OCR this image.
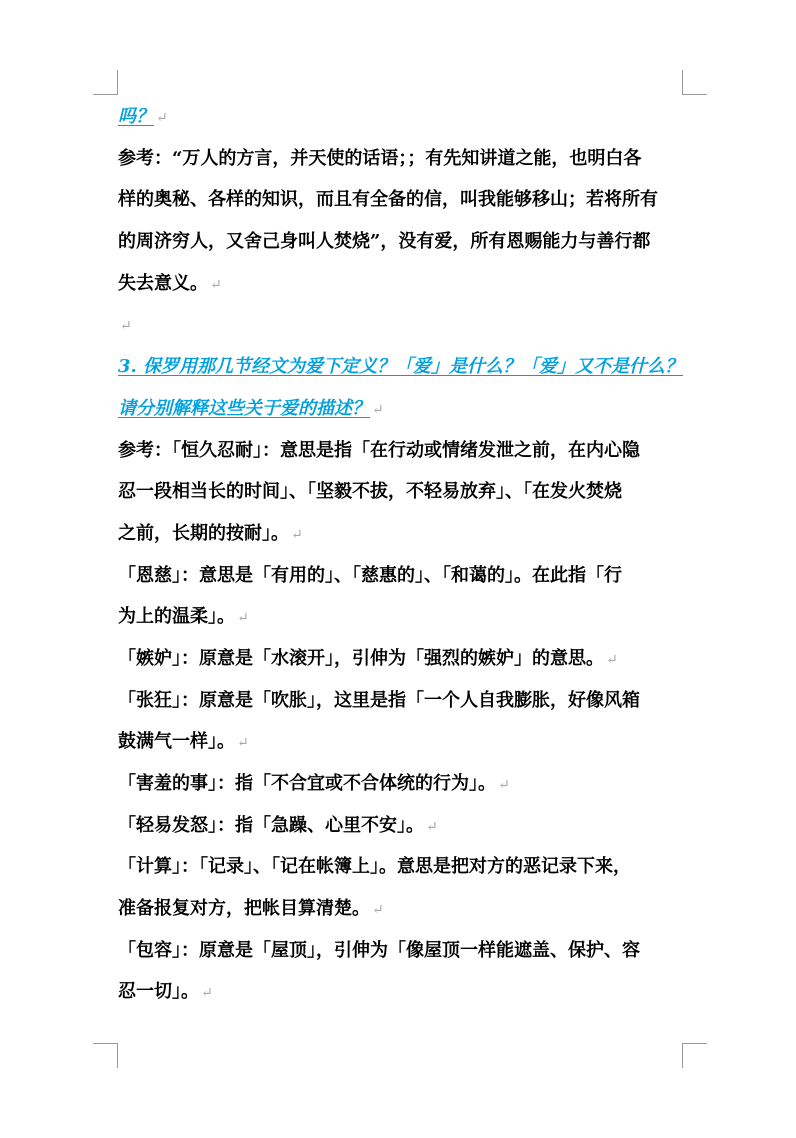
吗？ ↵
参考：“万人的方言，并天使的话语；；有先知讲道之能，也明白各
样的奥秘、各样的知识，而且有全备的信，叫我能够移山；若将所有
的周济穷人，又舍己身叫人焚烧”，没有爱，所有恩赐能力与善行都
失去意义。 ↵
↵
3. 保罗用那几节经文为爱下定义？「爱」是什么？「爱」又不是什么？
请分别解释这些关于爱的描述？ ↵
参考：「恒久忍耐」：意思是指「在行动或情绪发泄之前，在内心隐
忍一段相当长的时间」、「坚毅不拔，不轻易放弃」、「在发火焚烧
之前，长期的按耐」。 ↵
「恩慈」：意思是「有用的」、「慈惠的」、「和蔼的」。在此指「行
为上的温柔」。 ↵
「嫉妒」：原意是「水滚开」，引伸为「强烈的嫉妒」的意思。 ↵
「张狂」：原意是「吹胀」，这里是指「一个人自我膨胀，好像风箱
鼓满气一样」。 ↵
「害羞的事」：指「不合宜或不合体统的行为」。 ↵
「轻易发怒」：指「急躁、心里不安」。 ↵
「计算」：「记录」、「记在帐簿上」。意思是把对方的恶记录下来，
准备报复对方，把帐目算清楚。 ↵
「包容」：原意是「屋顶」，引伸为「像屋顶一样能遮盖、保护、容
忍一切」。 ↵
